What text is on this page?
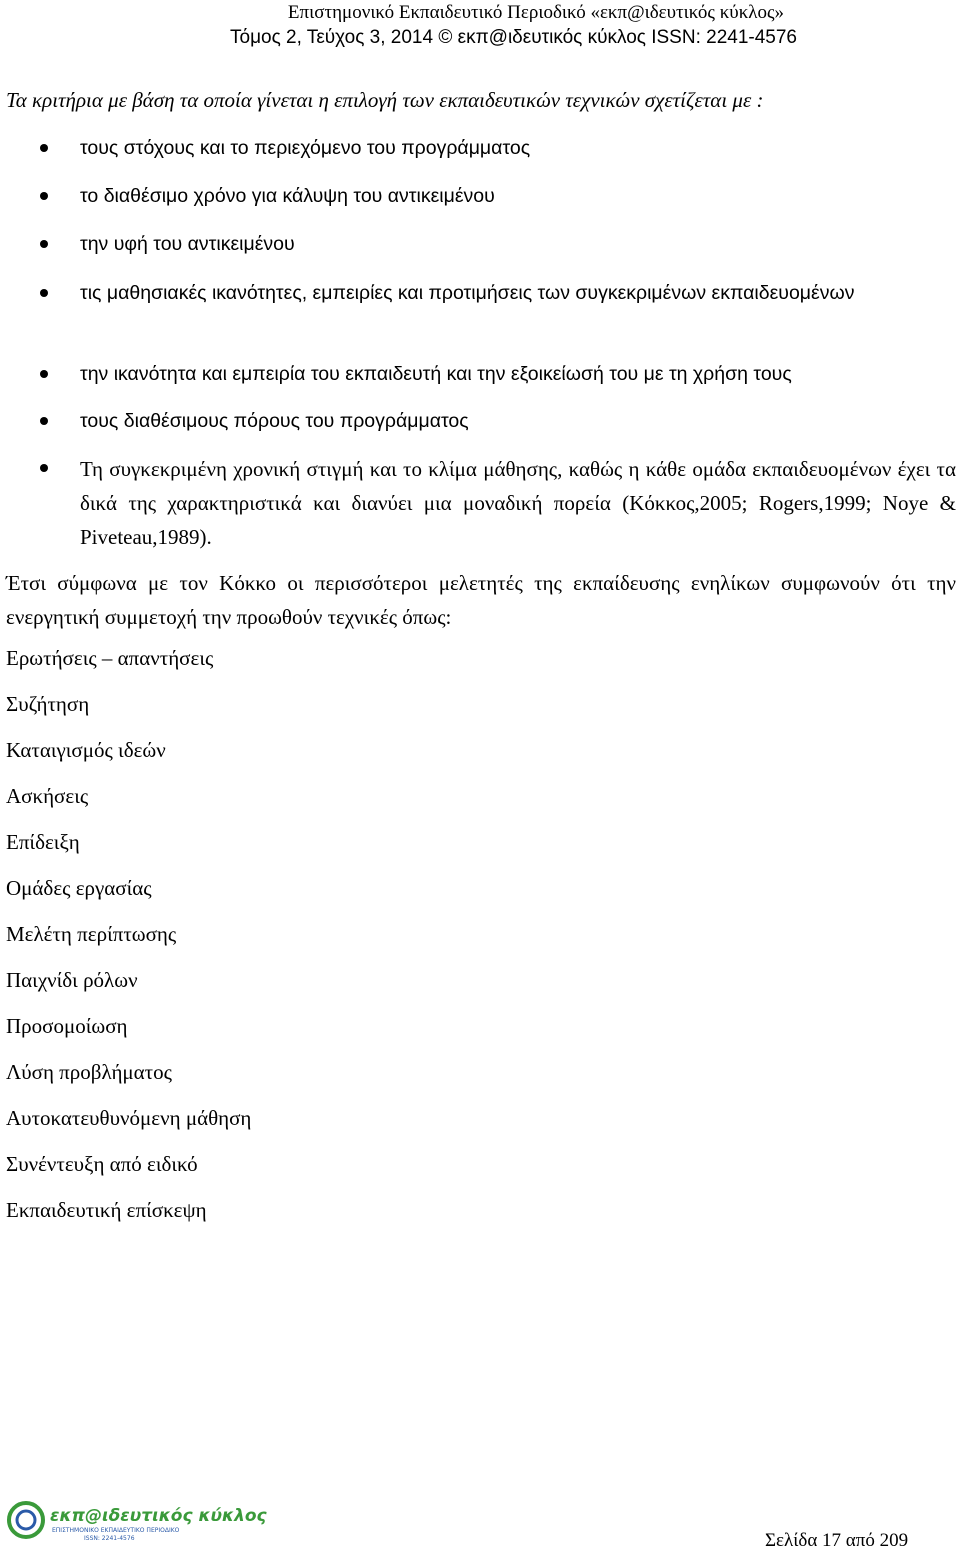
Επιστημονικό Εκπαιδευτικό Περιοδικό «εκπ@ιδευτικός κύκλος»
Τόμος 2, Τεύχος 3, 2014 © εκπ@ιδευτικός κύκλος ISSN: 2241-4576
Τα κριτήρια με βάση τα οποία γίνεται η επιλογή των εκπαιδευτικών τεχνικών σχετίζεται με :
τους στόχους και το περιεχόμενο του προγράμματος
το διαθέσιμο χρόνο για κάλυψη του αντικειμένου
την υφή του αντικειμένου
τις μαθησιακές ικανότητες, εμπειρίες και προτιμήσεις των συγκεκριμένων εκπαιδευομένων
την ικανότητα και εμπειρία του εκπαιδευτή και την εξοικείωσή του με τη χρήση τους
τους διαθέσιμους πόρους του προγράμματος
Τη συγκεκριμένη χρονική στιγμή και το κλίμα μάθησης, καθώς η κάθε ομάδα εκπαιδευομένων έχει τα δικά της χαρακτηριστικά και διανύει μια μοναδική πορεία (Κόκκος,2005; Rogers,1999; Noye & Piveteau,1989).
Έτσι σύμφωνα με τον Κόκκο οι περισσότεροι μελετητές της εκπαίδευσης ενηλίκων συμφωνούν ότι την ενεργητική συμμετοχή την προωθούν τεχνικές όπως:
Ερωτήσεις – απαντήσεις
Συζήτηση
Καταιγισμός ιδεών
Ασκήσεις
Επίδειξη
Ομάδες εργασίας
Μελέτη περίπτωσης
Παιχνίδι ρόλων
Προσομοίωση
Λύση προβλήματος
Αυτοκατευθυνόμενη μάθηση
Συνέντευξη από ειδικό
Εκπαιδευτική επίσκεψη
εκπ@ιδευτικός κύκλος
ΕΠΙΣΤΗΜΟΝΙΚΟ ΕΚΠΑΙΔΕΥΤΙΚΟ ΠΕΡΙΟΔΙΚΟ
ISSN: 2241-4576	Σελίδα 17 από 209
